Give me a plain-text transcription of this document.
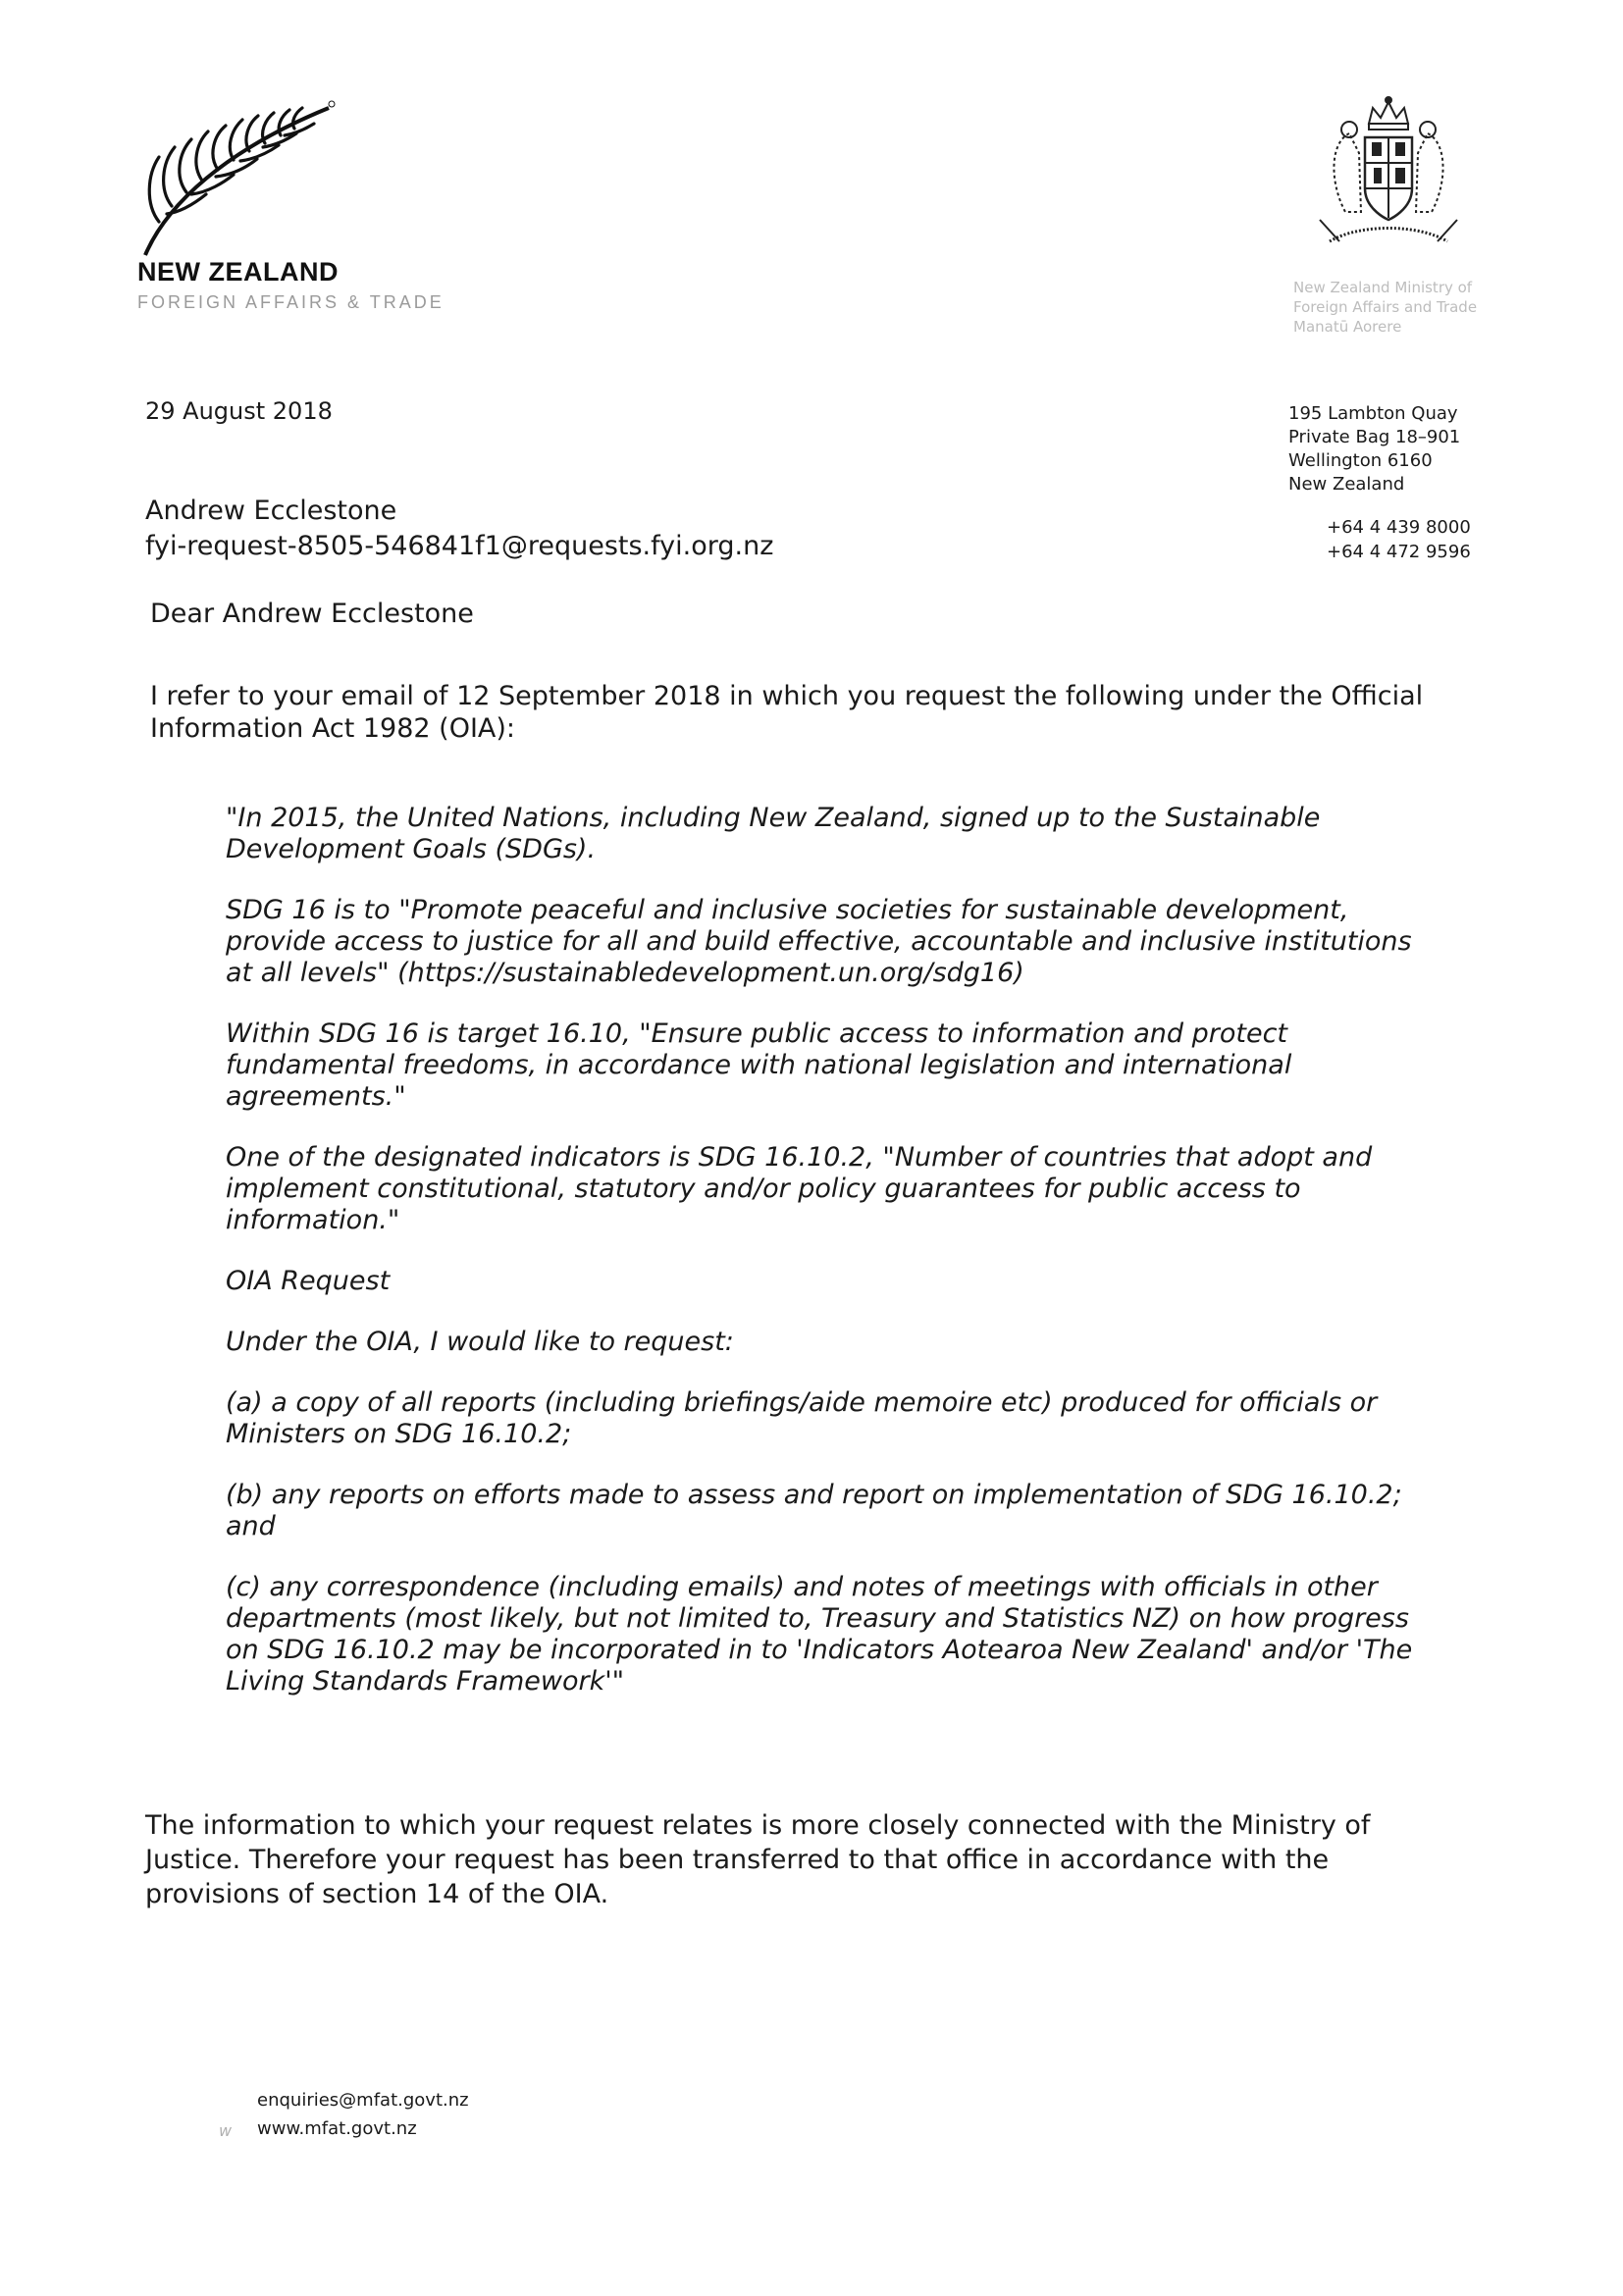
NEW ZEALAND
FOREIGN AFFAIRS & TRADE
New Zealand Ministry of
Foreign Affairs and Trade
Manatū Aorere
195 Lambton Quay
Private Bag 18–901
Wellington 6160
New Zealand
+64 4 439 8000
+64 4 472 9596
29 August 2018
Andrew Ecclestone
fyi-request-8505-546841f1@requests.fyi.org.nz
Dear Andrew Ecclestone
I refer to your email of 12 September 2018 in which you request the following under the Official Information Act 1982 (OIA):

"In 2015, the United Nations, including New Zealand, signed up to the Sustainable Development Goals (SDGs).

SDG 16 is to "Promote peaceful and inclusive societies for sustainable development, provide access to justice for all and build effective, accountable and inclusive institutions at all levels" (https://sustainabledevelopment.un.org/sdg16)

Within SDG 16 is target 16.10, "Ensure public access to information and protect fundamental freedoms, in accordance with national legislation and international agreements."

One of the designated indicators is SDG 16.10.2, "Number of countries that adopt and implement constitutional, statutory and/or policy guarantees for public access to information."

OIA Request

Under the OIA, I would like to request:

(a) a copy of all reports (including briefings/aide memoire etc) produced for officials or Ministers on SDG 16.10.2;

(b) any reports on efforts made to assess and report on implementation of SDG 16.10.2; and

(c) any correspondence (including emails) and notes of meetings with officials in other departments (most likely, but not limited to, Treasury and Statistics NZ) on how progress on SDG 16.10.2 may be incorporated in to 'Indicators Aotearoa New Zealand' and/or 'The Living Standards Framework'"

The information to which your request relates is more closely connected with the Ministry of Justice. Therefore your request has been transferred to that office in accordance with the provisions of section 14 of the OIA.
enquiries@mfat.govt.nz
w www.mfat.govt.nz
